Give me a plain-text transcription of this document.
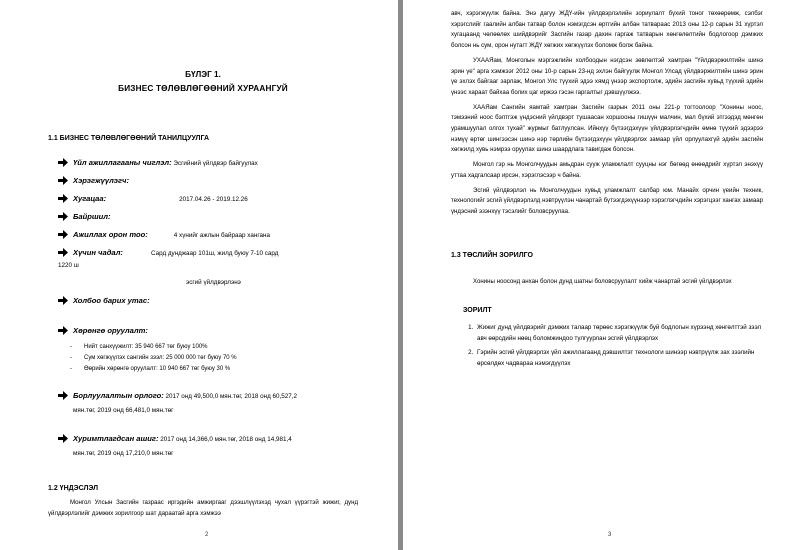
БҮЛЭГ 1.
БИЗНЕС ТӨЛӨВЛӨГӨӨНИЙ ХУРААНГУЙ
1.1 БИЗНЕС ТӨЛӨВЛӨГӨӨНИЙ ТАНИЛЦУУЛГА
Үйл ажиллагааны чиглэл: Эсгийний үйлдвэр байгуулах
Хэрэгжүүлэгч:
Хугацаа:	2017.04.26 - 2019.12.26
Байршил:
Ажиллах орон тоо:	4 хүнийг ажлын байраар хангана
Хүчин чадал:	Сард дунджаар 101ш, жилд буюу 7-10 сард
1220 ш
эсгий үйлдвэрлэнэ
Холбоо барих утас:
Хөрөнгө оруулалт:
- Нийт санхүүжилт: 35 940 667 төг буюу 100%
- Сум хөгжүүлэх сангийн зээл: 25 000 000 төг буюу 70 %
- Өөрийн хөрөнгө оруулалт: 10 940 667 төг буюу 30 %
Борлуулалтын орлого: 2017 онд 49,500,0 мян.төг, 2018 онд 60,527,2
мян.төг, 2019 онд 66,481,0 мян.төг
Хуримтлагдсан ашиг: 2017 онд 14,366,0 мян.төг, 2018 онд 14,981,4
мян.төг, 2019 онд 17,210,0 мян.төг
1.2 ҮНДЭСЛЭЛ

Монгол Улсын Засгийн газраас иргэдийн амжиргааг дээшлүүлэхэд чухал үүрэгтэй жижиг, дунд үйлдвэрлэлийг дэмжих зорилгоор шат дараатай арга хэмжээ

2

авч, хэрэгжүүлж байна. Энэ дагуу ЖДҮ-ийн үйлдвэрлэлийн зориулалт бүхий тоног төхөөрөмж, сэлбэг хэрэгслийг гаалийн албан татвар болон нэмэгдсэн өртгийн албан татвараас 2013 оны 12-р сарын 31 хүртэл хугацаанд чөлөөлөх шийдвэрийг Засгийн газар дахин гаргаж татварын хөнгөлөлтийн бодлогоор дэмжих болсон нь сум, орон нутагт ЖДҮ хөгжих хөгжүүлэх боломж болж байна.

УХААЯам, Монголын мэргэжлийн холбоодын нэгдсэн зөвлөлтэй хамтран "Үйлдвэржилтийн шинэ эрин үе" арга хэмжээг 2012 оны 10-р сарын 23-нд эхлэн байгуулж Монгол Улсад үйлдвэржилтийн шинэ эрин үе эхлэх байгааг зарлаж, Монгол Улс түүхий эдээ хямд үнээр экспортолж, эдийн засгийн хувьд түүхий эдийн үнээс хараат байхаа болих цаг иржээ гэсэн гаргалтыг дэвшүүлжээ.

ХААЯам Сангийн яамтай хамтран Засгийн газрын 2011 оны 221-р тогтоолоор "Хонины ноос, тэмээний ноос бэлтгэж үндэсний үйлдвэрт тушаасан хоршооны гишүүн малчин, мал бүхий этгээдэд мөнгөн урамшуулал олгох тухай" журмыг батлуулсан. Ийнхүү бүтээгдэхүүн үйлдвэрлэгчдийн өмнө түүхий эдээрээ нэмүү өртөг шингээсэн шинэ нэр төрлийн бүтээгдэхүүн үйлдвэрлэх замаар үйл орлуулахгүй эдийн засгийн хөгжилд хувь нэмрээ оруулах шинэ шаардлага тавигдаж болсон.

Монгол гэр нь Монголчуудын амьдран сууж уламжлалт сууцны нэг бөгөөд өнөөдрийг хүртэл энэхүү уттаа хадгалсаар ирсэн, хэрэглэсээр ч байна.

Эсгий үйлдвэрлэл нь Монголчуудын хувьд уламжлалт салбар юм. Манайх орчин үеийн техник, технологийг эсгий үйлдвэрлэлд нэвтрүүлэн чанартай бүтээгдэхүүнээр хэрэглэгчдийн хэрэгцээг хангах замаар үндэсний эзэнхүү тэсэлийг боловсруулаа.

1.3 ТӨСЛИЙН ЗОРИЛГО

Хонины ноосонд анхан болон дунд шатны боловсруулалт хийж чанартай эсгий үйлдвэрлэх

ЗОРИЛТ
1. Жижиг дунд үйлдвэрийг дэмжих талаар төрөөс хэрэгжүүлж буй бодлогын хүрээнд хөнгөлттэй зээл авч өөрсдийн нөөц боломжиндоо тулгуурлан эсгий үйлдвэрлэх
2. Гэрийн эсгий үйлдвэрлэх үйл ажиллагаанд дэвшилтэт технологи шинээр нэвтрүүлж зах зээлийн өрсөлдөх чадвараа нэмэгдүүлэх
3
